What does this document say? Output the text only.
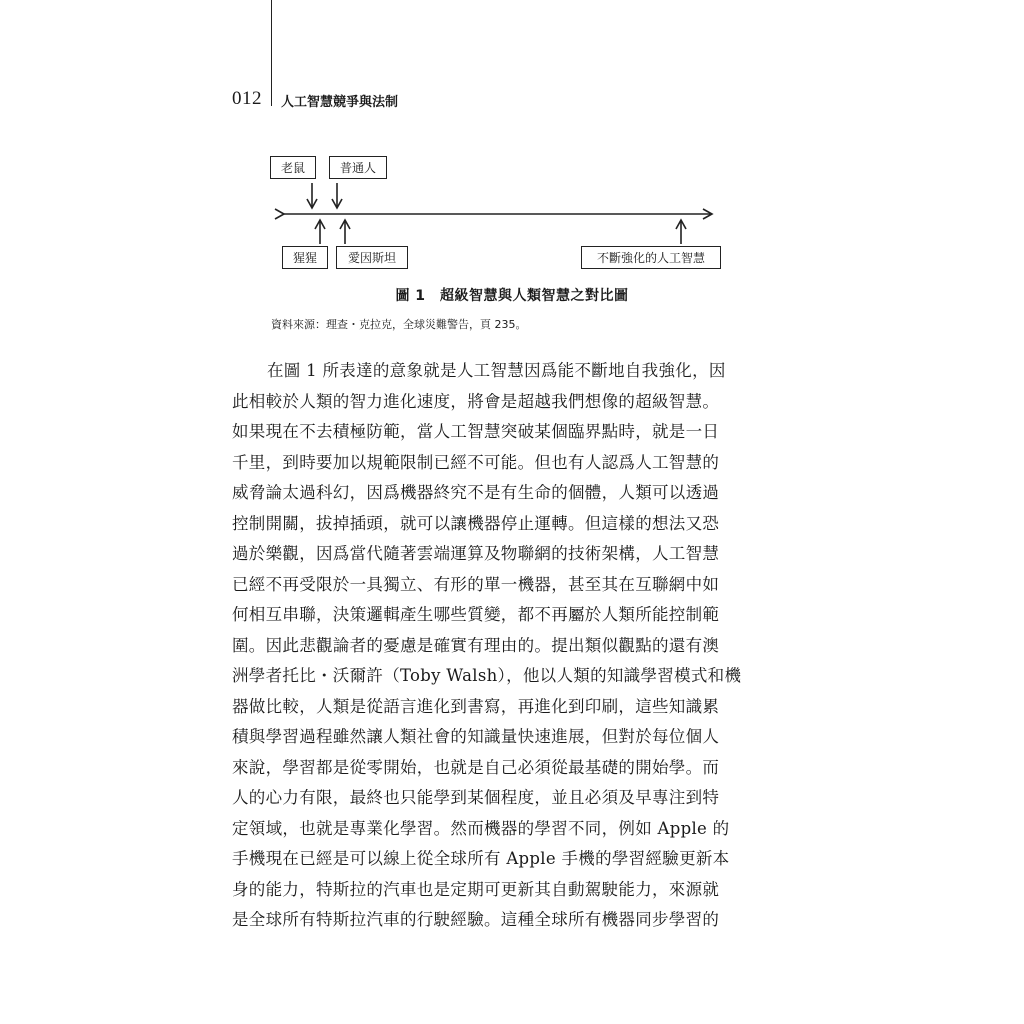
012 人工智慧競爭與法制
老鼠	普通人
猩猩	愛因斯坦	不斷強化的人工智慧
圖 1　超級智慧與人類智慧之對比圖
資料來源：理查・克拉克，全球災難警告，頁 235。
在圖 1 所表達的意象就是人工智慧因爲能不斷地自我強化，因
此相較於人類的智力進化速度，將會是超越我們想像的超級智慧。
如果現在不去積極防範，當人工智慧突破某個臨界點時，就是一日
千里，到時要加以規範限制已經不可能。但也有人認爲人工智慧的
威脅論太過科幻，因爲機器終究不是有生命的個體，人類可以透過
控制開關，拔掉插頭，就可以讓機器停止運轉。但這樣的想法又恐
過於樂觀，因爲當代隨著雲端運算及物聯網的技術架構，人工智慧
已經不再受限於一具獨立、有形的單一機器，甚至其在互聯網中如
何相互串聯，決策邏輯產生哪些質變，都不再屬於人類所能控制範
圍。因此悲觀論者的憂慮是確實有理由的。提出類似觀點的還有澳
洲學者托比・沃爾許（Toby Walsh），他以人類的知識學習模式和機
器做比較，人類是從語言進化到書寫，再進化到印刷，這些知識累
積與學習過程雖然讓人類社會的知識量快速進展，但對於每位個人
來說，學習都是從零開始，也就是自己必須從最基礎的開始學。而
人的心力有限，最終也只能學到某個程度，並且必須及早專注到特
定領域，也就是專業化學習。然而機器的學習不同，例如 Apple 的
手機現在已經是可以線上從全球所有 Apple 手機的學習經驗更新本
身的能力，特斯拉的汽車也是定期可更新其自動駕駛能力，來源就
是全球所有特斯拉汽車的行駛經驗。這種全球所有機器同步學習的
